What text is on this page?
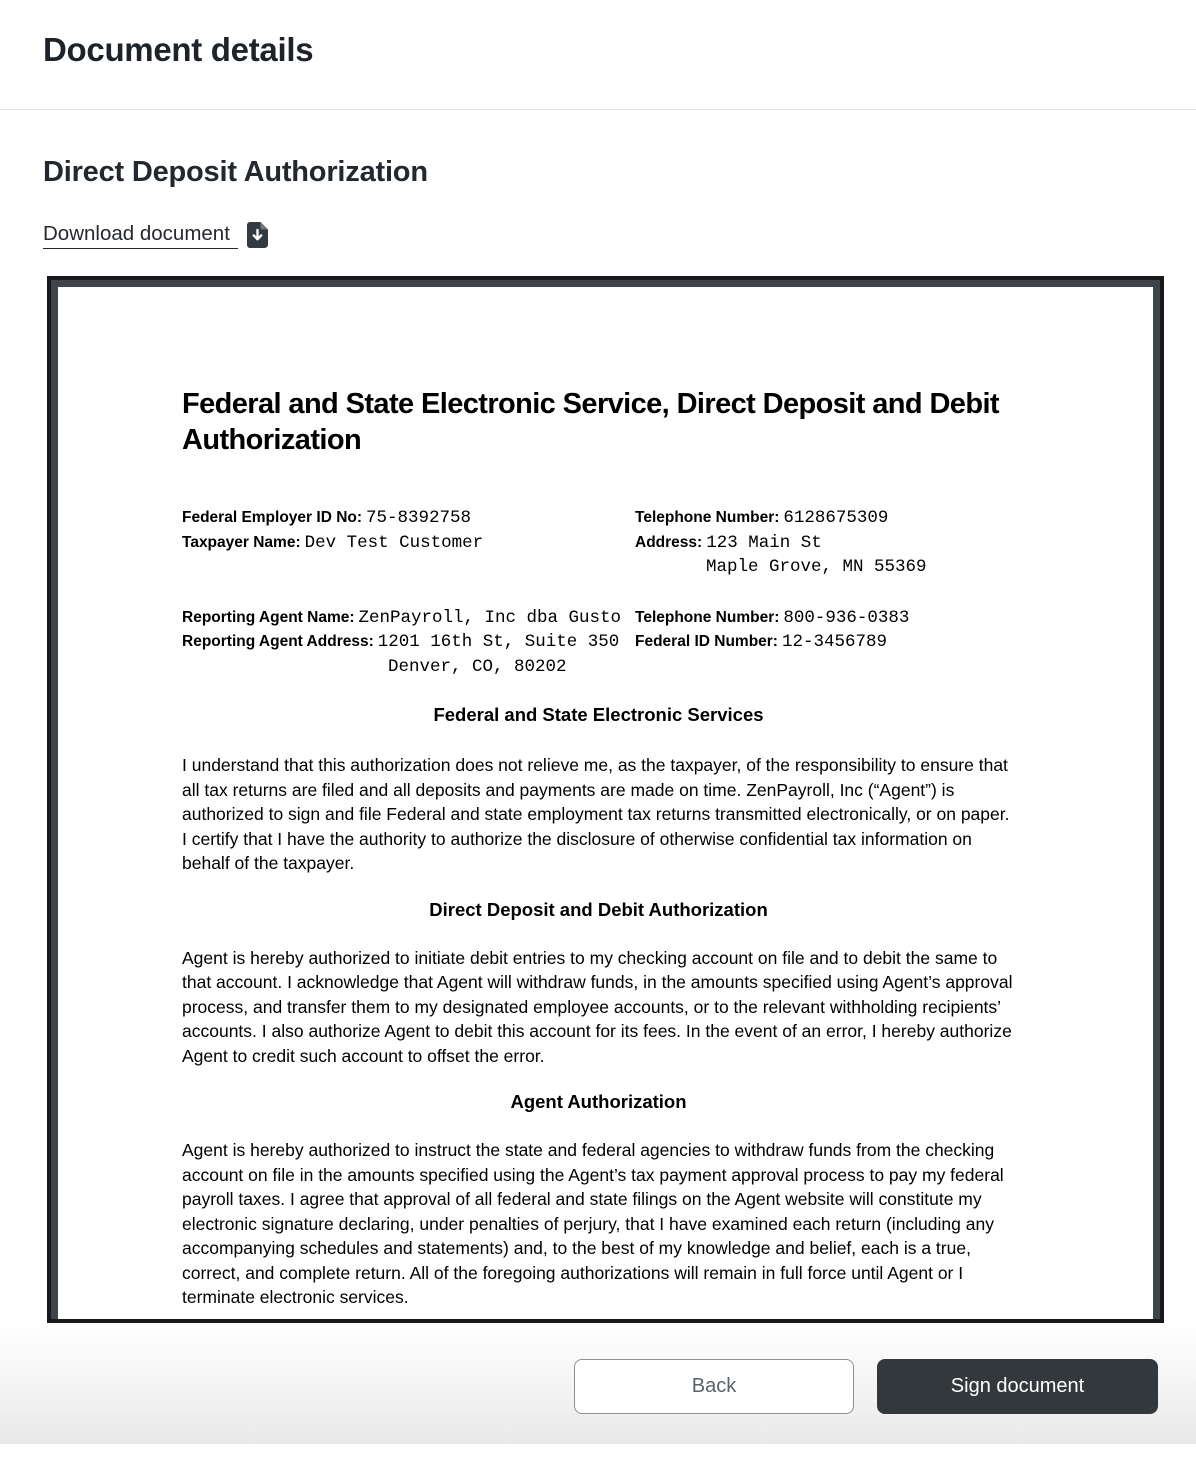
Document details
Direct Deposit Authorization
Download document

Federal and State Electronic Service, Direct Deposit and Debit Authorization

Federal Employer ID No: 75-8392758
Taxpayer Name: Dev Test Customer
Telephone Number: 6128675309
Address: 123 Main St
Maple Grove, MN 55369
Reporting Agent Name: ZenPayroll, Inc dba Gusto
Reporting Agent Address: 1201 16th St, Suite 350
Denver, CO, 80202
Telephone Number: 800-936-0383
Federal ID Number: 12-3456789
Federal and State Electronic Services

I understand that this authorization does not relieve me, as the taxpayer, of the responsibility to ensure that all tax returns are filed and all deposits and payments are made on time. ZenPayroll, Inc (“Agent”) is authorized to sign and file Federal and state employment tax returns transmitted electronically, or on paper. I certify that I have the authority to authorize the disclosure of otherwise confidential tax information on behalf of the taxpayer.

Direct Deposit and Debit Authorization

Agent is hereby authorized to initiate debit entries to my checking account on file and to debit the same to that account. I acknowledge that Agent will withdraw funds, in the amounts specified using Agent’s approval process, and transfer them to my designated employee accounts, or to the relevant withholding recipients’ accounts. I also authorize Agent to debit this account for its fees. In the event of an error, I hereby authorize Agent to credit such account to offset the error.

Agent Authorization

Agent is hereby authorized to instruct the state and federal agencies to withdraw funds from the checking account on file in the amounts specified using the Agent’s tax payment approval process to pay my federal payroll taxes. I agree that approval of all federal and state filings on the Agent website will constitute my electronic signature declaring, under penalties of perjury, that I have examined each return (including any accompanying schedules and statements) and, to the best of my knowledge and belief, each is a true, correct, and complete return. All of the foregoing authorizations will remain in full force until Agent or I terminate electronic services.

Back	Sign document
